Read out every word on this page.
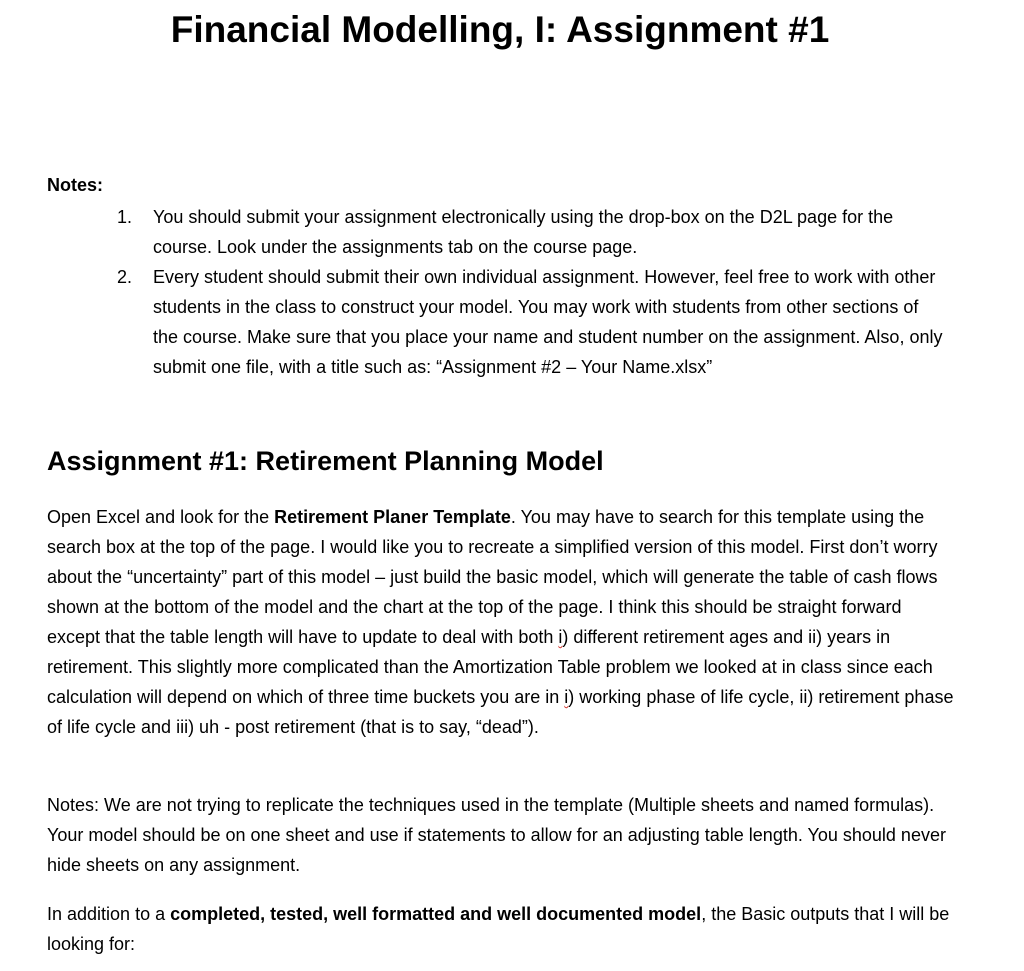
Financial Modelling, I: Assignment #1
Notes:
1. You should submit your assignment electronically using the drop-box on the D2L page for the course. Look under the assignments tab on the course page.
2. Every student should submit their own individual assignment. However, feel free to work with other students in the class to construct your model. You may work with students from other sections of the course. Make sure that you place your name and student number on the assignment. Also, only submit one file, with a title such as: “Assignment #2 – Your Name.xlsx”
Assignment #1: Retirement Planning Model

Open Excel and look for the Retirement Planer Template. You may have to search for this template using the search box at the top of the page. I would like you to recreate a simplified version of this model. First don’t worry about the “uncertainty” part of this model – just build the basic model, which will generate the table of cash flows shown at the bottom of the model and the chart at the top of the page. I think this should be straight forward except that the table length will have to update to deal with both i) different retirement ages and ii) years in retirement. This slightly more complicated than the Amortization Table problem we looked at in class since each calculation will depend on which of three time buckets you are in i) working phase of life cycle, ii) retirement phase of life cycle and iii) uh - post retirement (that is to say, “dead”).

Notes: We are not trying to replicate the techniques used in the template (Multiple sheets and named formulas). Your model should be on one sheet and use if statements to allow for an adjusting table length. You should never hide sheets on any assignment.

In addition to a completed, tested, well formatted and well documented model, the Basic outputs that I will be looking for:
